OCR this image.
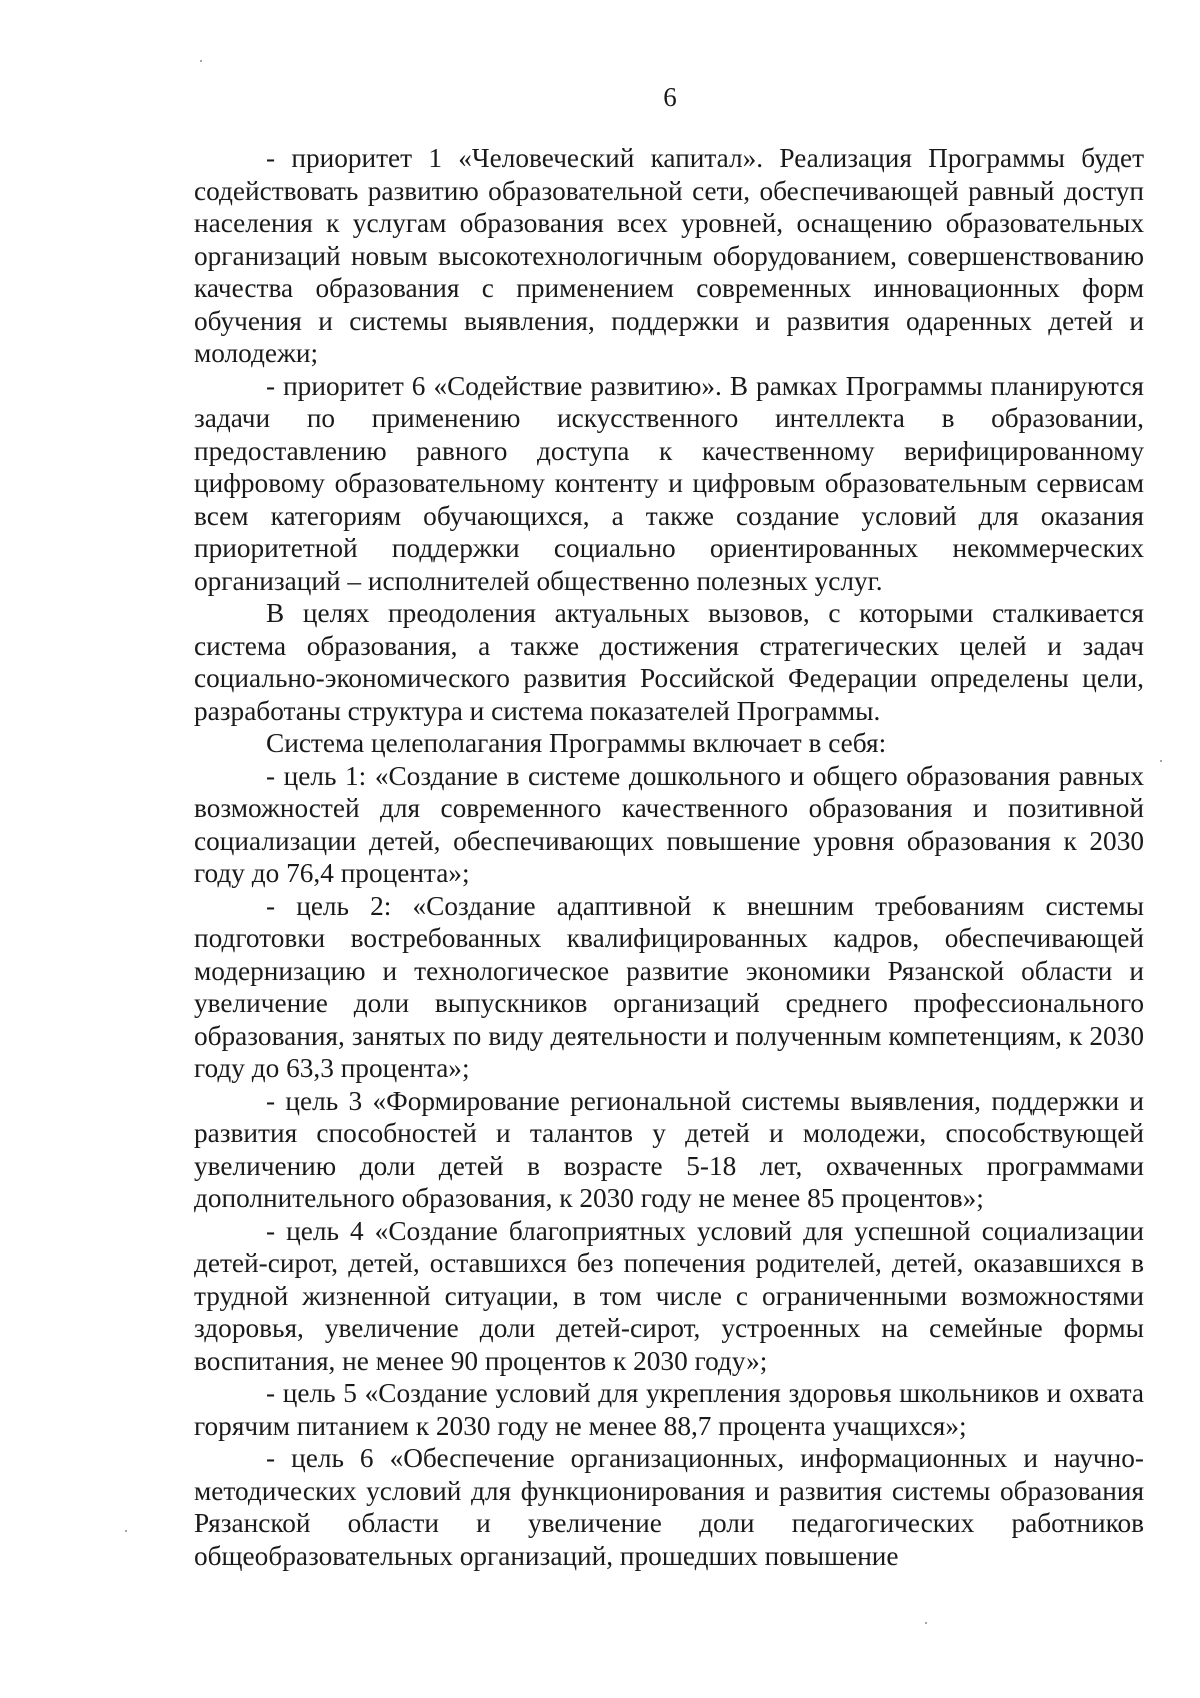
6

- приоритет 1 «Человеческий капитал». Реализация Программы будет содействовать развитию образовательной сети, обеспечивающей равный доступ населения к услугам образования всех уровней, оснащению образовательных организаций новым высокотехнологичным оборудованием, совершенствованию качества образования с применением современных инновационных форм обучения и системы выявления, поддержки и развития одаренных детей и молодежи;

- приоритет 6 «Содействие развитию». В рамках Программы планируются задачи по применению искусственного интеллекта в образовании, предоставлению равного доступа к качественному верифицированному цифровому образовательному контенту и цифровым образовательным сервисам всем категориям обучающихся, а также создание условий для оказания приоритетной поддержки социально ориентированных некоммерческих организаций – исполнителей общественно полезных услуг.

В целях преодоления актуальных вызовов, с которыми сталкивается система образования, а также достижения стратегических целей и задач социально-экономического развития Российской Федерации определены цели, разработаны структура и система показателей Программы.

Система целеполагания Программы включает в себя:

- цель 1: «Создание в системе дошкольного и общего образования равных возможностей для современного качественного образования и позитивной социализации детей, обеспечивающих повышение уровня образования к 2030 году до 76,4 процента»;

- цель 2: «Создание адаптивной к внешним требованиям системы подготовки востребованных квалифицированных кадров, обеспечивающей модернизацию и технологическое развитие экономики Рязанской области и увеличение доли выпускников организаций среднего профессионального образования, занятых по виду деятельности и полученным компетенциям, к 2030 году до 63,3 процента»;

- цель 3 «Формирование региональной системы выявления, поддержки и развития способностей и талантов у детей и молодежи, способствующей увеличению доли детей в возрасте 5-18 лет, охваченных программами дополнительного образования, к 2030 году не менее 85 процентов»;

- цель 4 «Создание благоприятных условий для успешной социализации детей-сирот, детей, оставшихся без попечения родителей, детей, оказавшихся в трудной жизненной ситуации, в том числе с ограниченными возможностями здоровья, увеличение доли детей-сирот, устроенных на семейные формы воспитания, не менее 90 процентов к 2030 году»;

- цель 5 «Создание условий для укрепления здоровья школьников и охвата горячим питанием к 2030 году не менее 88,7 процента учащихся»;

- цель 6 «Обеспечение организационных, информационных и научно-методических условий для функционирования и развития системы образования Рязанской области и увеличение доли педагогических работников общеобразовательных организаций, прошедших повышение
